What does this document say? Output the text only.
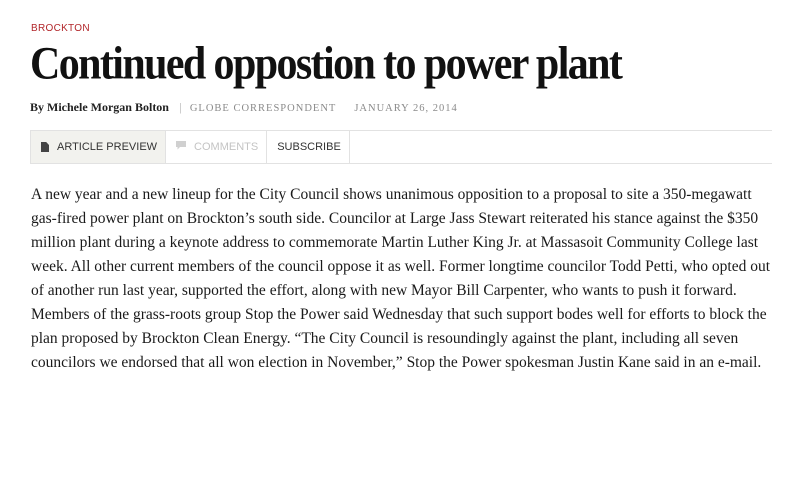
BROCKTON
Continued oppostion to power plant
By Michele Morgan Bolton | GLOBE CORRESPONDENT JANUARY 26, 2014
ARTICLE PREVIEW	COMMENTS SUBSCRIBE

A new year and a new lineup for the City Council shows unanimous opposition to a proposal to site a 350-megawatt gas-fired power plant on Brockton’s south side. Councilor at Large Jass Stewart reiterated his stance against the $350 million plant during a keynote address to commemorate Martin Luther King Jr. at Massasoit Community College last week. All other current members of the council oppose it as well. Former longtime councilor Todd Petti, who opted out of another run last year, supported the effort, along with new Mayor Bill Carpenter, who wants to push it forward. Members of the grass-roots group Stop the Power said Wednesday that such support bodes well for efforts to block the plan proposed by Brockton Clean Energy. “The City Council is resoundingly against the plant, including all seven councilors we endorsed that all won election in November,” Stop the Power spokesman Justin Kane said in an e-mail.
